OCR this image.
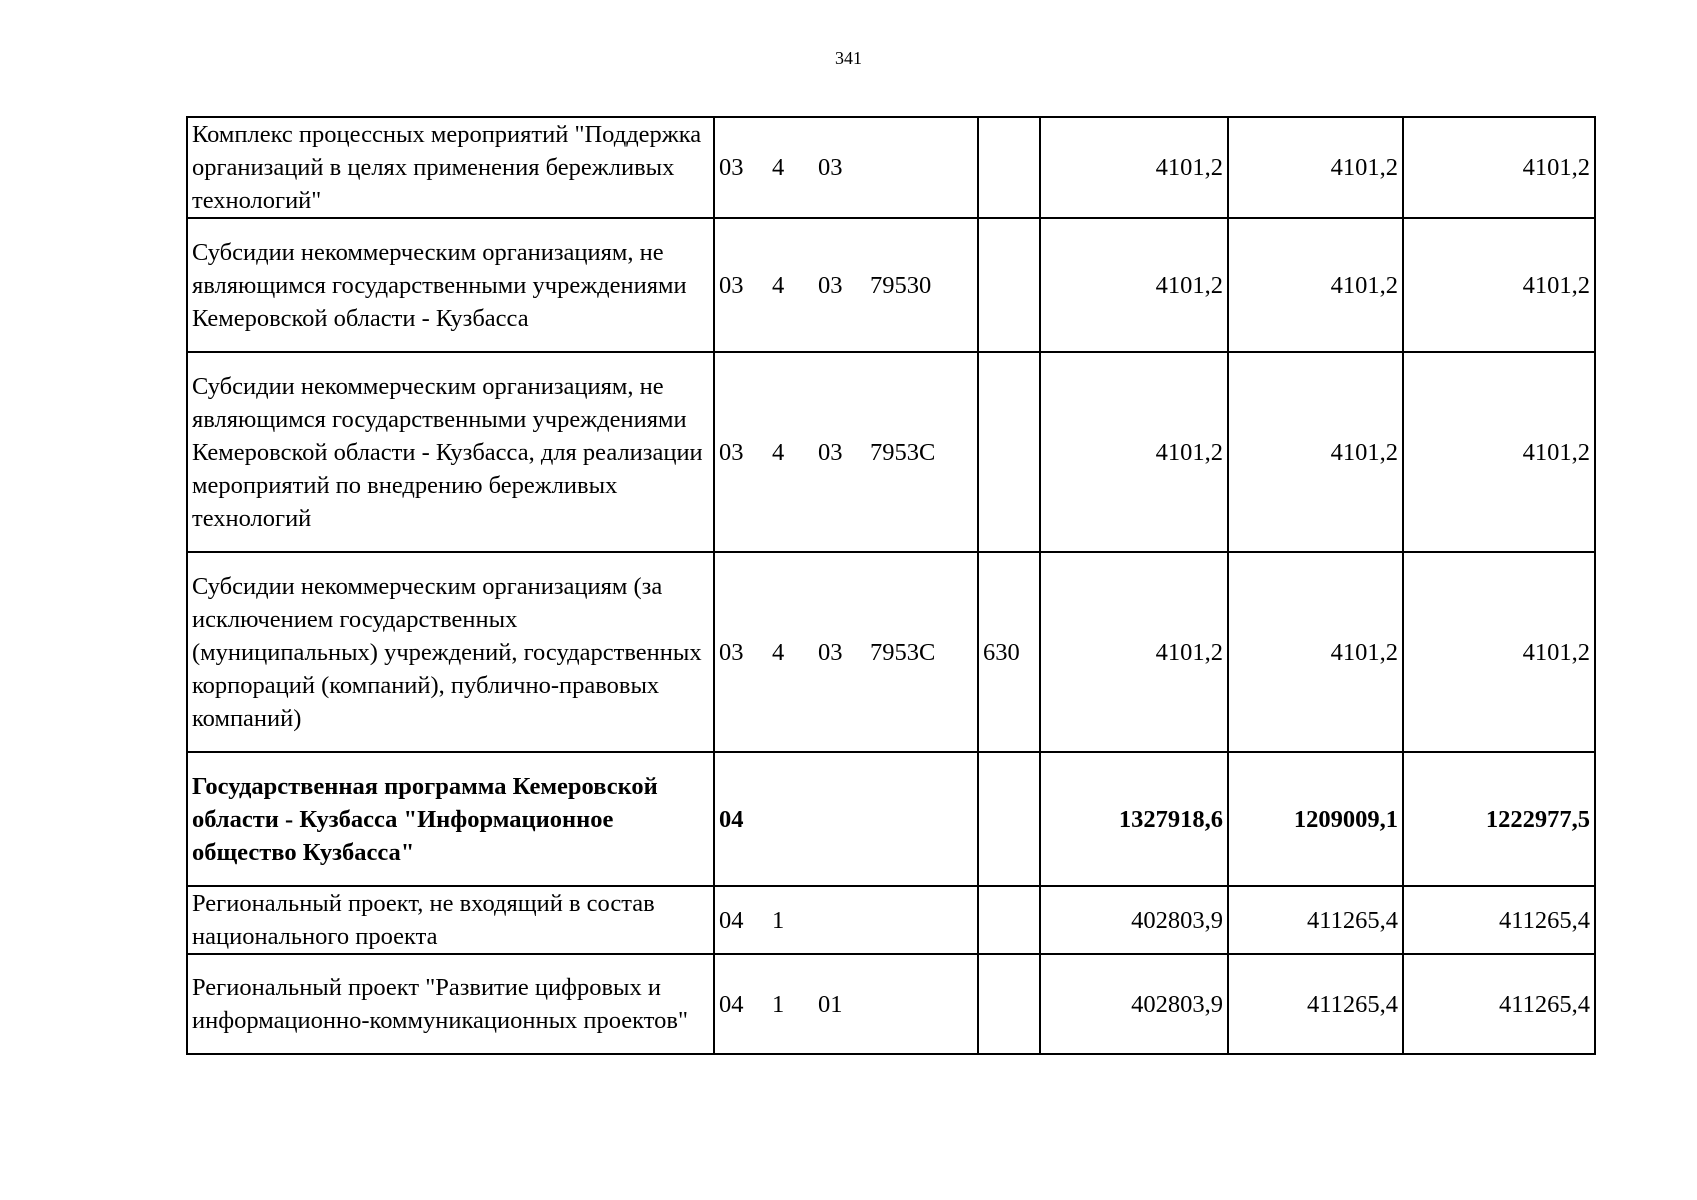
341
Комплекс процессных мероприятий "Поддержка организаций в целях применения бережливых технологий"	03 4 03		4101,2	4101,2	4101,2
Субсидии некоммерческим организациям, не являющимся государственными учреждениями Кемеровской области - Кузбасса	03 4 03 79530		4101,2	4101,2	4101,2
Субсидии некоммерческим организациям, не являющимся государственными учреждениями Кемеровской области - Кузбасса, для реализации мероприятий по внедрению бережливых технологий	03 4 03 7953С		4101,2	4101,2	4101,2
Субсидии некоммерческим организациям (за исключением государственных (муниципальных) учреждений, государственных корпораций (компаний), публично-правовых компаний)	03 4 03 7953С	630	4101,2	4101,2	4101,2
Государственная программа Кемеровской области - Кузбасса "Информационное общество Кузбасса"	04		1327918,6	1209009,1	1222977,5
Региональный проект, не входящий в состав национального проекта	04 1		402803,9	411265,4	411265,4
Региональный проект "Развитие цифровых и информационно-коммуникационных проектов"	04 1 01		402803,9	411265,4	411265,4
